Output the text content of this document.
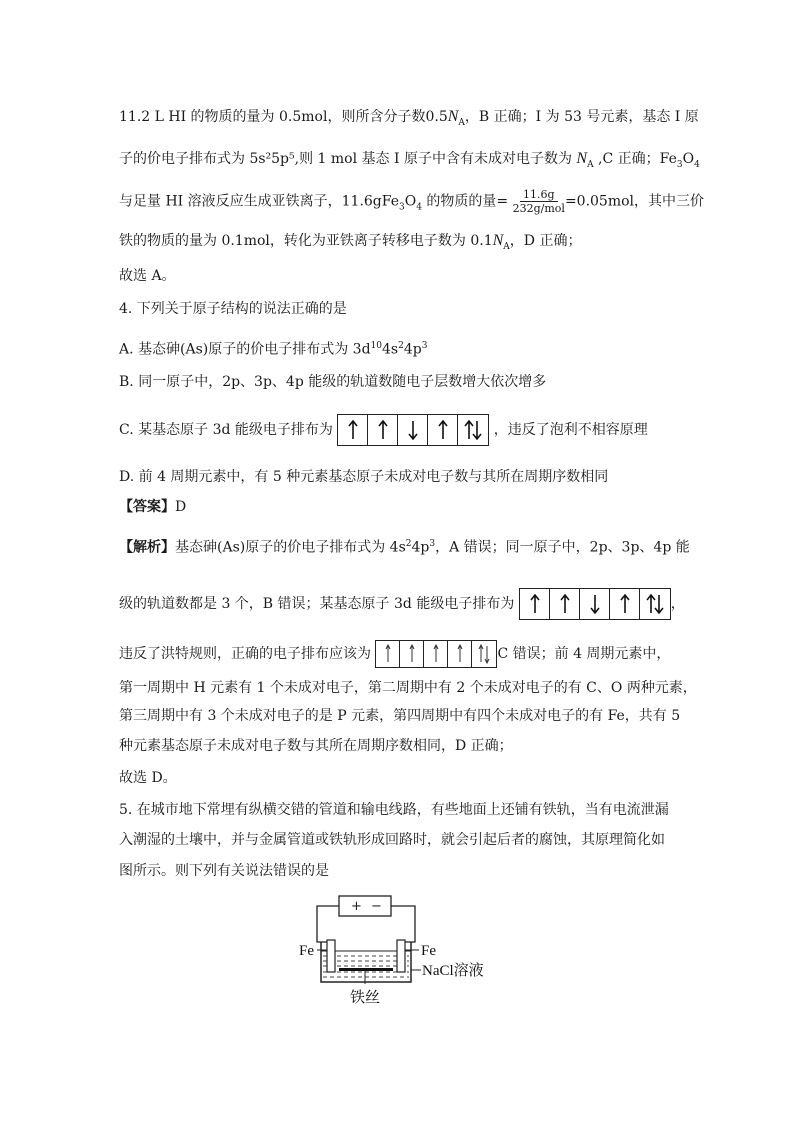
11.2 L HI 的物质的量为 0.5mol，则所含分子数$0.5N_A$，B 正确；I 为 53 号元素，基态 I 原
子的价电子排布式为 5s²5p⁵,则 1 mol 基态 I 原子中含有未成对电子数为 $N_A$ ,C 正确；$Fe_3O_4$
与足量 HI 溶液反应生成亚铁离子，$11.6gFe_3O_4$ 的物质的量= $\frac{11.6g}{\text{232g/mol}} =0.05mol$，其中三价
铁的物质的量为 0.1mol，转化为亚铁离子转移电子数为 $0.1N_A$，D 正确；
故选 A。
4. 下列关于原子结构的说法正确的是
A. 基态砷(As)原子的价电子排布式为 $3d^{10}4s^24p^3$
B. 同一原子中，2p、3p、4p 能级的轨道数随电子层数增大依次增多
C. 某基态原子 3d 能级电子排布为	，违反了泡利不相容原理
D. 前 4 周期元素中，有 5 种元素基态原子未成对电子数与其所在周期序数相同
【答案】D
【解析】基态砷(As)原子的价电子排布式为 $4s^24p^3$，A 错误；同一原子中，2p、3p、4p 能
级的轨道数都是 3 个，B 错误；某基态原子 3d 能级电子排布为	，
违反了洪特规则，正确的电子排布应该为	C 错误；前 4 周期元素中，
第一周期中 H 元素有 1 个未成对电子，第二周期中有 2 个未成对电子的有 C、O 两种元素，
第三周期中有 3 个未成对电子的是 P 元素，第四周期中有四个未成对电子的有 Fe，共有 5
种元素基态原子未成对电子数与其所在周期序数相同，D 正确；
故选 D。
5. 在城市地下常埋有纵横交错的管道和输电线路，有些地面上还铺有铁轨，当有电流泄漏
入潮湿的土壤中，并与金属管道或铁轨形成回路时，就会引起后者的腐蚀，其原理简化如
图所示。则下列有关说法错误的是
+ −
Fe	Fe
NaCl溶液
铁丝
